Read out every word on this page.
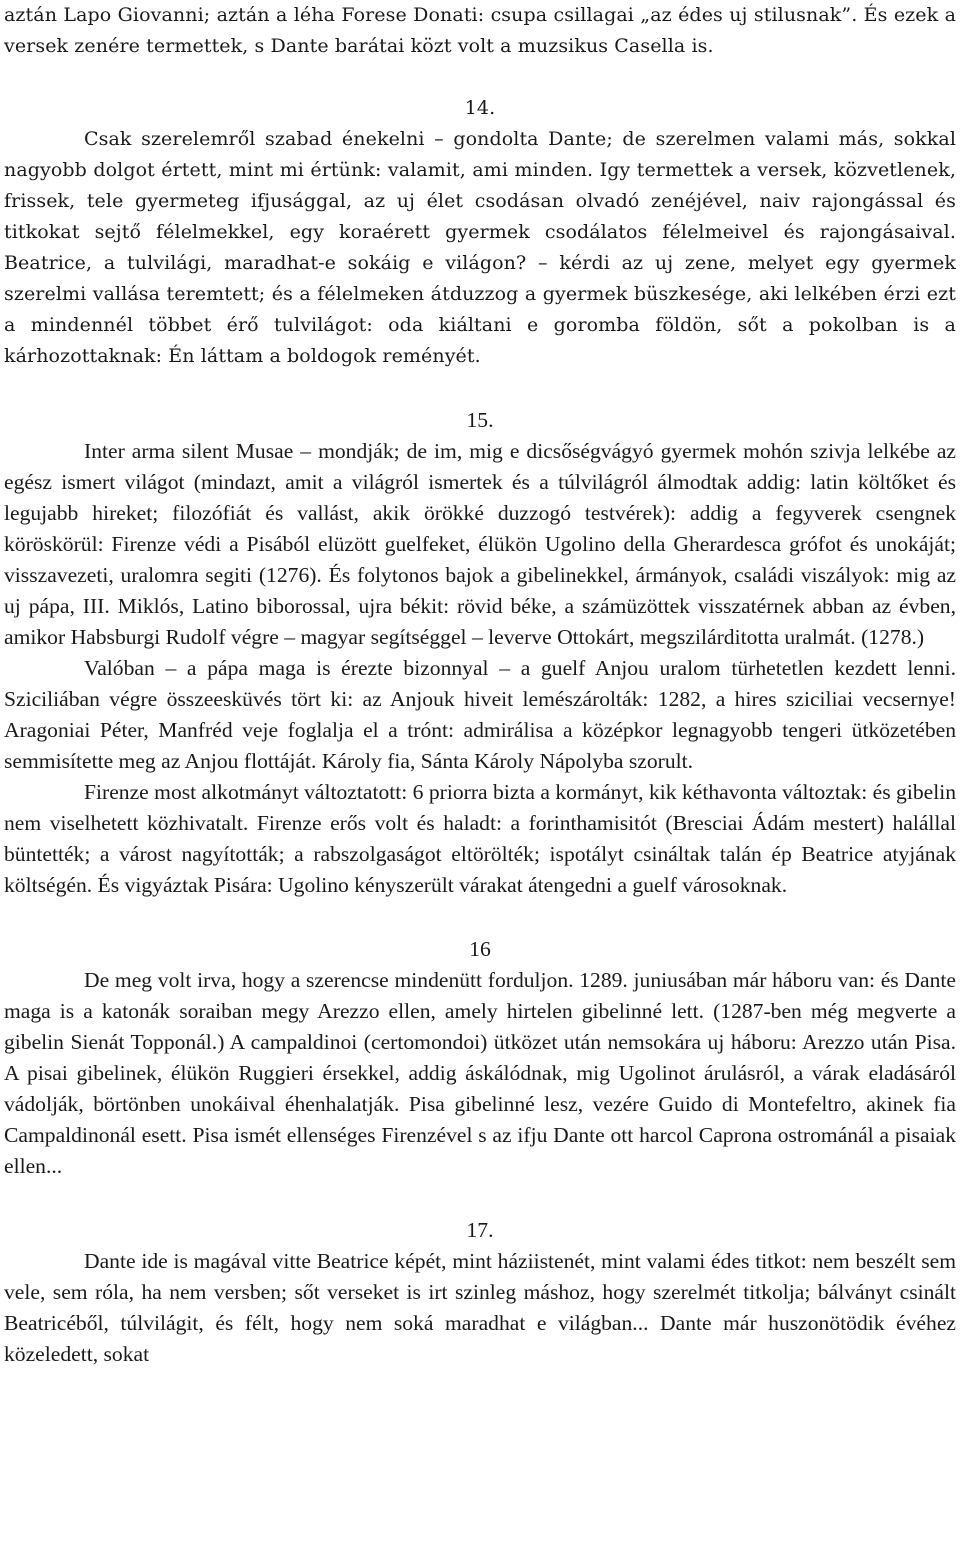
aztán Lapo Giovanni; aztán a léha Forese Donati: csupa csillagai „az édes uj stilusnak”. És ezek a versek zenére termettek, s Dante barátai közt volt a muzsikus Casella is.

14.

Csak szerelemről szabad énekelni – gondolta Dante; de szerelmen valami más, sokkal nagyobb dolgot értett, mint mi értünk: valamit, ami minden. Igy termettek a versek, közvetlenek, frissek, tele gyermeteg ifjusággal, az uj élet csodásan olvadó zenéjével, naiv rajongással és titkokat sejtő félelmekkel, egy koraérett gyermek csodálatos félelmeivel és rajongásaival. Beatrice, a tulvilági, maradhat-e sokáig e világon? – kérdi az uj zene, melyet egy gyermek szerelmi vallása teremtett; és a félelmeken átduzzog a gyermek büszkesége, aki lelkében érzi ezt a mindennél többet érő tulvilágot: oda kiáltani e goromba földön, sőt a pokolban is a kárhozottaknak: Én láttam a boldogok reményét.

15.

Inter arma silent Musae – mondják; de im, mig e dicsőségvágyó gyermek mohón szivja lelkébe az egész ismert világot (mindazt, amit a világról ismertek és a túlvilágról álmodtak addig: latin költőket és legujabb hireket; filozófiát és vallást, akik örökké duzzogó testvérek): addig a fegyverek csengnek köröskörül: Firenze védi a Pisából elüzött guelfeket, élükön Ugolino della Gherardesca grófot és unokáját; visszavezeti, uralomra segiti (1276). És folytonos bajok a gibelinekkel, ármányok, családi viszályok: mig az uj pápa, III. Miklós, Latino biborossal, ujra békit: rövid béke, a számüzöttek visszatérnek abban az évben, amikor Habsburgi Rudolf végre – magyar segítséggel – leverve Ottokárt, megszilárditotta uralmát. (1278.)

Valóban – a pápa maga is érezte bizonnyal – a guelf Anjou uralom türhetetlen kezdett lenni. Sziciliában végre összeesküvés tört ki: az Anjouk hiveit lemészárolták: 1282, a hires sziciliai vecsernye! Aragoniai Péter, Manfréd veje foglalja el a trónt: admirálisa a középkor legnagyobb tengeri ütközetében semmisítette meg az Anjou flottáját. Károly fia, Sánta Károly Nápolyba szorult.

Firenze most alkotmányt változtatott: 6 priorra bizta a kormányt, kik kéthavonta változtak: és gibelin nem viselhetett közhivatalt. Firenze erős volt és haladt: a forinthamisitót (Bresciai Ádám mestert) halállal büntették; a várost nagyították; a rabszolgaságot eltörölték; ispotályt csináltak talán ép Beatrice atyjának költségén. És vigyáztak Pisára: Ugolino kényszerült várakat átengedni a guelf városoknak.

16

De meg volt irva, hogy a szerencse mindenütt forduljon. 1289. juniusában már háboru van: és Dante maga is a katonák soraiban megy Arezzo ellen, amely hirtelen gibelinné lett. (1287-ben még megverte a gibelin Sienát Topponál.) A campaldinoi (certomondoi) ütközet után nemsokára uj háboru: Arezzo után Pisa. A pisai gibelinek, élükön Ruggieri érsekkel, addig áskálódnak, mig Ugolinot árulásról, a várak eladásáról vádolják, börtönben unokáival éhenhalatják. Pisa gibelinné lesz, vezére Guido di Montefeltro, akinek fia Campaldinonál esett. Pisa ismét ellenséges Firenzével s az ifju Dante ott harcol Caprona ostrománál a pisaiak ellen...

17.

Dante ide is magával vitte Beatrice képét, mint háziistenét, mint valami édes titkot: nem beszélt sem vele, sem róla, ha nem versben; sőt verseket is irt szinleg máshoz, hogy szerelmét titkolja; bálványt csinált Beatricéből, túlvilágit, és félt, hogy nem soká maradhat e világban... Dante már huszonötödik évéhez közeledett, sokat
